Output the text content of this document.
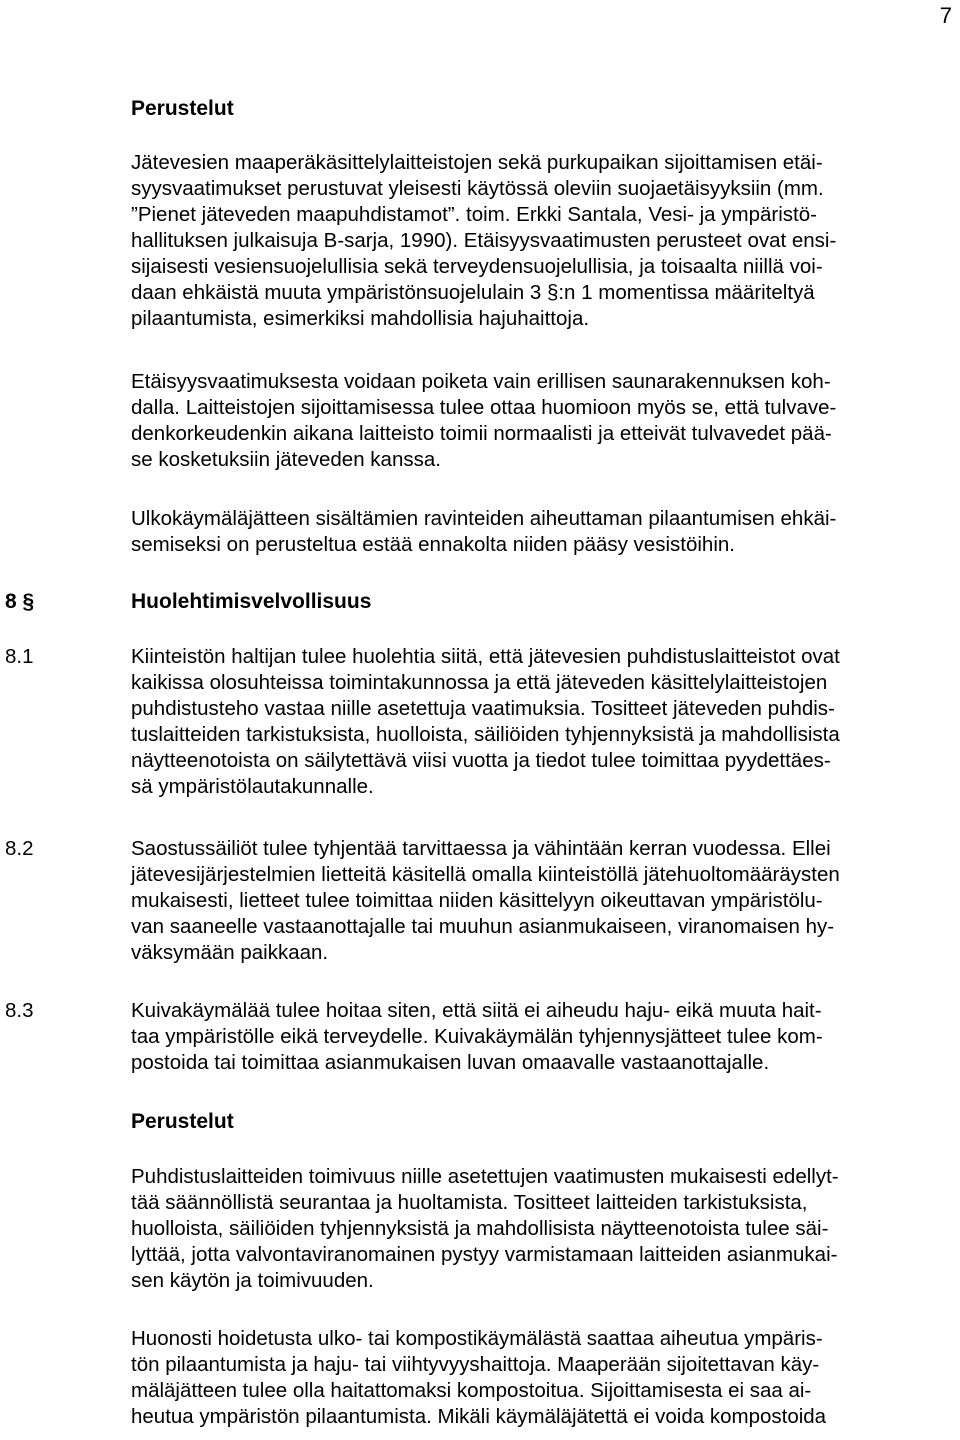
7
Perustelut
Jätevesien maaperäkäsittelylaitteistojen sekä purkupaikan sijoittamisen etäi-
syysvaatimukset perustuvat yleisesti käytössä oleviin suojaetäisyyksiin (mm.
”Pienet jäteveden maapuhdistamot”. toim. Erkki Santala, Vesi- ja ympäristö-
hallituksen julkaisuja B-sarja, 1990). Etäisyysvaatimusten perusteet ovat ensi-
sijaisesti vesiensuojelullisia sekä terveydensuojelullisia, ja toisaalta niillä voi-
daan ehkäistä muuta ympäristönsuojelulain 3 §:n 1 momentissa määriteltyä
pilaantumista, esimerkiksi mahdollisia hajuhaittoja.
Etäisyysvaatimuksesta voidaan poiketa vain erillisen saunarakennuksen koh-
dalla. Laitteistojen sijoittamisessa tulee ottaa huomioon myös se, että tulvave-
denkorkeudenkin aikana laitteisto toimii normaalisti ja etteivät tulvavedet pää-
se kosketuksiin jäteveden kanssa.
Ulkokäymäläjätteen sisältämien ravinteiden aiheuttaman pilaantumisen ehkäi-
semiseksi on perusteltua estää ennakolta niiden pääsy vesistöihin.
8 §	Huolehtimisvelvollisuus
8.1	Kiinteistön haltijan tulee huolehtia siitä, että jätevesien puhdistuslaitteistot ovat
kaikissa olosuhteissa toimintakunnossa ja että jäteveden käsittelylaitteistojen
puhdistusteho vastaa niille asetettuja vaatimuksia. Tositteet jäteveden puhdis-
tuslaitteiden tarkistuksista, huolloista, säiliöiden tyhjennyksistä ja mahdollisista
näytteenotoista on säilytettävä viisi vuotta ja tiedot tulee toimittaa pyydettäes-
sä ympäristölautakunnalle.
8.2	Saostussäiliöt tulee tyhjentää tarvittaessa ja vähintään kerran vuodessa. Ellei
jätevesijärjestelmien lietteitä käsitellä omalla kiinteistöllä jätehuoltomääräysten
mukaisesti, lietteet tulee toimittaa niiden käsittelyyn oikeuttavan ympäristölu-
van saaneelle vastaanottajalle tai muuhun asianmukaiseen, viranomaisen hy-
väksymään paikkaan.
8.3	Kuivakäymälää tulee hoitaa siten, että siitä ei aiheudu haju- eikä muuta hait-
taa ympäristölle eikä terveydelle. Kuivakäymälän tyhjennysjätteet tulee kom-
postoida tai toimittaa asianmukaisen luvan omaavalle vastaanottajalle.
Perustelut
Puhdistuslaitteiden toimivuus niille asetettujen vaatimusten mukaisesti edellyt-
tää säännöllistä seurantaa ja huoltamista. Tositteet laitteiden tarkistuksista,
huolloista, säiliöiden tyhjennyksistä ja mahdollisista näytteenotoista tulee säi-
lyttää, jotta valvontaviranomainen pystyy varmistamaan laitteiden asianmukai-
sen käytön ja toimivuuden.
Huonosti hoidetusta ulko- tai kompostikäymälästä saattaa aiheutua ympäris-
tön pilaantumista ja haju- tai viihtyvyyshaittoja. Maaperään sijoitettavan käy-
mäläjätteen tulee olla haitattomaksi kompostoitua. Sijoittamisesta ei saa ai-
heutua ympäristön pilaantumista. Mikäli käymäläjätettä ei voida kompostoida
